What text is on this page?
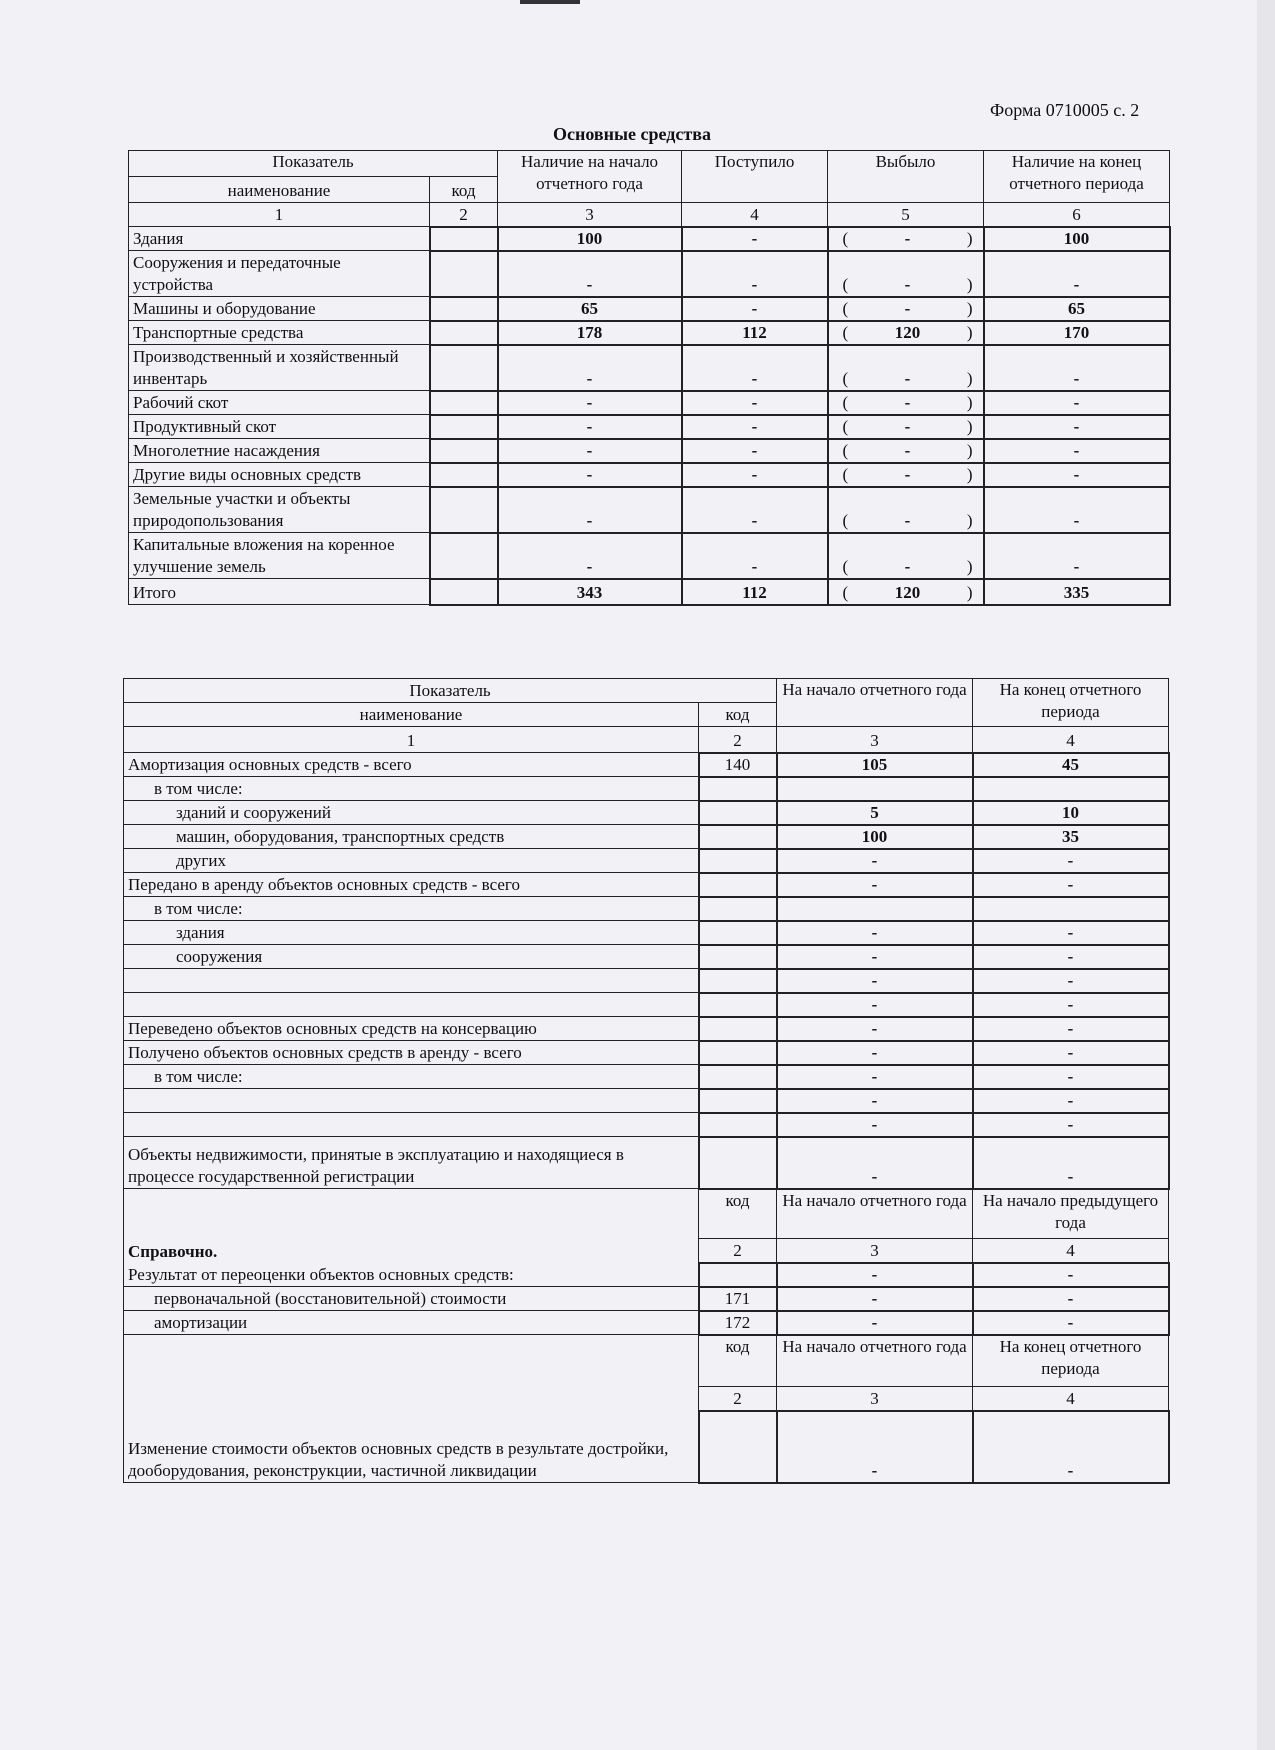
Форма 0710005 с. 2
Основные средства
Показатель		Наличие на начало отчетного года	Поступило	Выбыло	Наличие на конец отчетного периода
наименование	код				
1	2	3	4	5	6
Здания		100	-	( - )	100
Сооружения и передаточные устройства		-	-	( - )	-
Машины и оборудование		65	-	( - )	65
Транспортные средства		178	112	( 120 )	170
Производственный и хозяйственный инвентарь		-	-	( - )	-
Рабочий скот		-	-	( - )	-
Продуктивный скот		-	-	( - )	-
Многолетние насаждения		-	-	( - )	-
Другие виды основных средств		-	-	( - )	-
Земельные участки и объекты природопользования		-	-	( - )	-
Капитальные вложения на коренное улучшение земель		-	-	( - )	-
Итого		343	112	( 120 )	335
Показатель		На начало отчетного года	На конец отчетного периода
наименование	код		
1	2	3	4
Амортизация основных средств - всего	140	105	45
в том числе:			
зданий и сооружений		5	10
машин, оборудования, транспортных средств		100	35
других		-	-
Передано в аренду объектов основных средств - всего		-	-
в том числе:			
здания		-	-
сооружения		-	-
		-	-
		-	-
Переведено объектов основных средств на консервацию		-	-
Получено объектов основных средств в аренду - всего		-	-
в том числе:		-	-
		-	-
		-	-
Объекты недвижимости, принятые в эксплуатацию и находящиеся в процессе государственной регистрации		-	-
Справочно.	код	На начало отчетного года	На начало предыдущего года
	2	3	4
Результат от переоценки объектов основных средств:		-	-
первоначальной (восстановительной) стоимости	171	-	-
амортизации	172	-	-
	код	На начало отчетного года	На конец отчетного периода
	2	3	4
Изменение стоимости объектов основных средств в результате достройки, дооборудования, реконструкции, частичной ликвидации		-	-
